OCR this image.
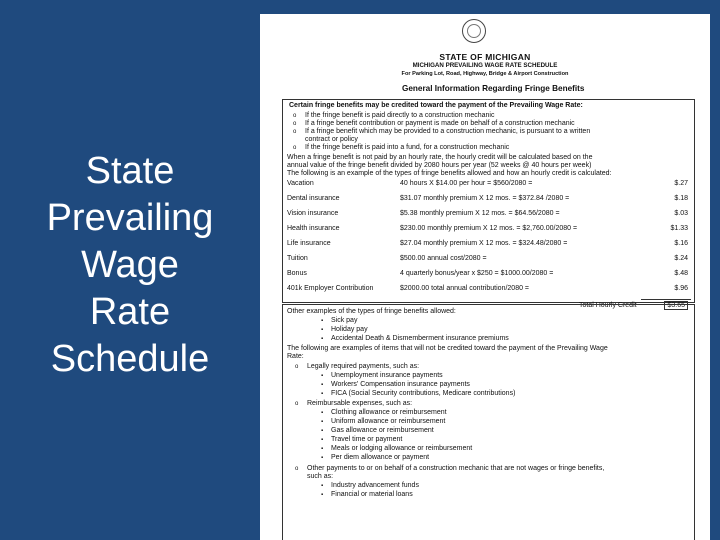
State
Prevailing
Wage
Rate
Schedule
STATE OF MICHIGAN
MICHIGAN PREVAILING WAGE RATE SCHEDULE
For Parking Lot, Road, Highway, Bridge & Airport Construction
General Information Regarding Fringe Benefits
Certain fringe benefits may be credited toward the payment of the Prevailing Wage Rate:
o If the fringe benefit is paid directly to a construction mechanic
o If a fringe benefit contribution or payment is made on behalf of a construction mechanic
o If a fringe benefit which may be provided to a construction mechanic, is pursuant to a written
contract or policy
o If the fringe benefit is paid into a fund, for a construction mechanic
When a fringe benefit is not paid by an hourly rate, the hourly credit will be calculated based on the
annual value of the fringe benefit divided by 2080 hours per year (52 weeks @ 40 hours per week)
The following is an example of the types of fringe benefits allowed and how an hourly credit is calculated:
Vacation	40 hours X $14.00 per hour = $560/2080 =	$.27
Dental insurance	$31.07 monthly premium X 12 mos. = $372.84 /2080 =	$.18
Vision insurance	$5.38 monthly premium X 12 mos. = $64.56/2080 =	$.03
Health insurance	$230.00 monthly premium X 12 mos. = $2,760.00/2080 =	$1.33
Life insurance	$27.04 monthly premium X 12 mos. = $324.48/2080 =	$.16
Tuition	$500.00 annual cost/2080 =	$.24
Bonus	4 quarterly bonus/year x $250 = $1000.00/2080 =	$.48
401k Employer Contribution	$2000.00 total annual contribution/2080 =	$.96
Total Hourly Credit	$3.65
Other examples of the types of fringe benefits allowed:
▪ Sick pay
▪ Holiday pay
▪ Accidental Death & Dismemberment insurance premiums
The following are examples of items that will not be credited toward the payment of the Prevailing Wage
Rate:
o Legally required payments, such as:
▪ Unemployment insurance payments
▪ Workers' Compensation insurance payments
▪ FICA (Social Security contributions, Medicare contributions)
o Reimbursable expenses, such as:
▪ Clothing allowance or reimbursement
▪ Uniform allowance or reimbursement
▪ Gas allowance or reimbursement
▪ Travel time or payment
▪ Meals or lodging allowance or reimbursement
▪ Per diem allowance or payment
o Other payments to or on behalf of a construction mechanic that are not wages or fringe benefits,
such as:
▪ Industry advancement funds
▪ Financial or material loans
